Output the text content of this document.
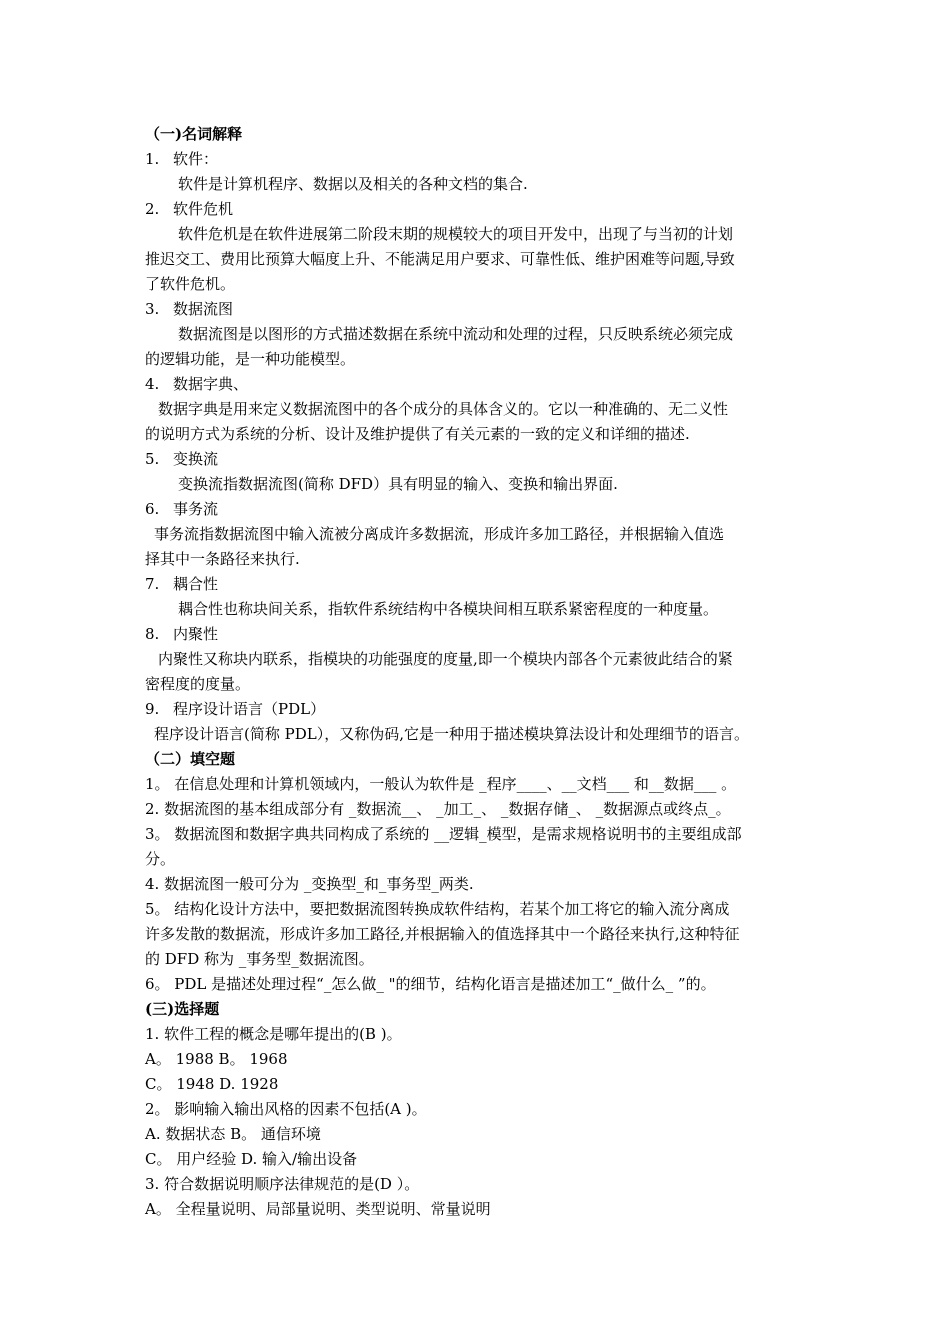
（一)名词解释
1. 软件：
软件是计算机程序、数据以及相关的各种文档的集合.
2. 软件危机
软件危机是在软件进展第二阶段末期的规模较大的项目开发中，出现了与当初的计划
推迟交工、费用比预算大幅度上升、不能满足用户要求、可靠性低、维护困难等问题,导致
了软件危机。
3. 数据流图
数据流图是以图形的方式描述数据在系统中流动和处理的过程，只反映系统必须完成
的逻辑功能，是一种功能模型。
4. 数据字典、
数据字典是用来定义数据流图中的各个成分的具体含义的。它以一种准确的、无二义性
的说明方式为系统的分析、设计及维护提供了有关元素的一致的定义和详细的描述.
5. 变换流
变换流指数据流图(简称 DFD）具有明显的输入、变换和输出界面.
6. 事务流
事务流指数据流图中输入流被分离成许多数据流，形成许多加工路径，并根据输入值选
择其中一条路径来执行.
7. 耦合性
耦合性也称块间关系，指软件系统结构中各模块间相互联系紧密程度的一种度量。
8. 内聚性
内聚性又称块内联系，指模块的功能强度的度量,即一个模块内部各个元素彼此结合的紧
密程度的度量。
9. 程序设计语言（PDL）
程序设计语言(简称 PDL），又称伪码,它是一种用于描述模块算法设计和处理细节的语言。
（二）填空题
1。 在信息处理和计算机领域内，一般认为软件是 _程序____、__文档___ 和__数据___ 。
2. 数据流图的基本组成部分有 _数据流__、 _加工_、 _数据存储_、 _数据源点或终点_。
3。 数据流图和数据字典共同构成了系统的 __逻辑_模型，是需求规格说明书的主要组成部
分。
4. 数据流图一般可分为 _变换型_和_事务型_两类.
5。 结构化设计方法中，要把数据流图转换成软件结构，若某个加工将它的输入流分离成
许多发散的数据流，形成许多加工路径,并根据输入的值选择其中一个路径来执行,这种特征
的 DFD 称为 _事务型_数据流图。
6。 PDL 是描述处理过程“_怎么做_ "的细节，结构化语言是描述加工“_做什么_ ”的。
(三)选择题
1. 软件工程的概念是哪年提出的(B )。
A。 1988 B。 1968
C。 1948 D. 1928
2。 影响输入输出风格的因素不包括(A )。
A. 数据状态 B。 通信环境
C。 用户经验 D. 输入/输出设备
3. 符合数据说明顺序法律规范的是(D ）。
A。 全程量说明、局部量说明、类型说明、常量说明
